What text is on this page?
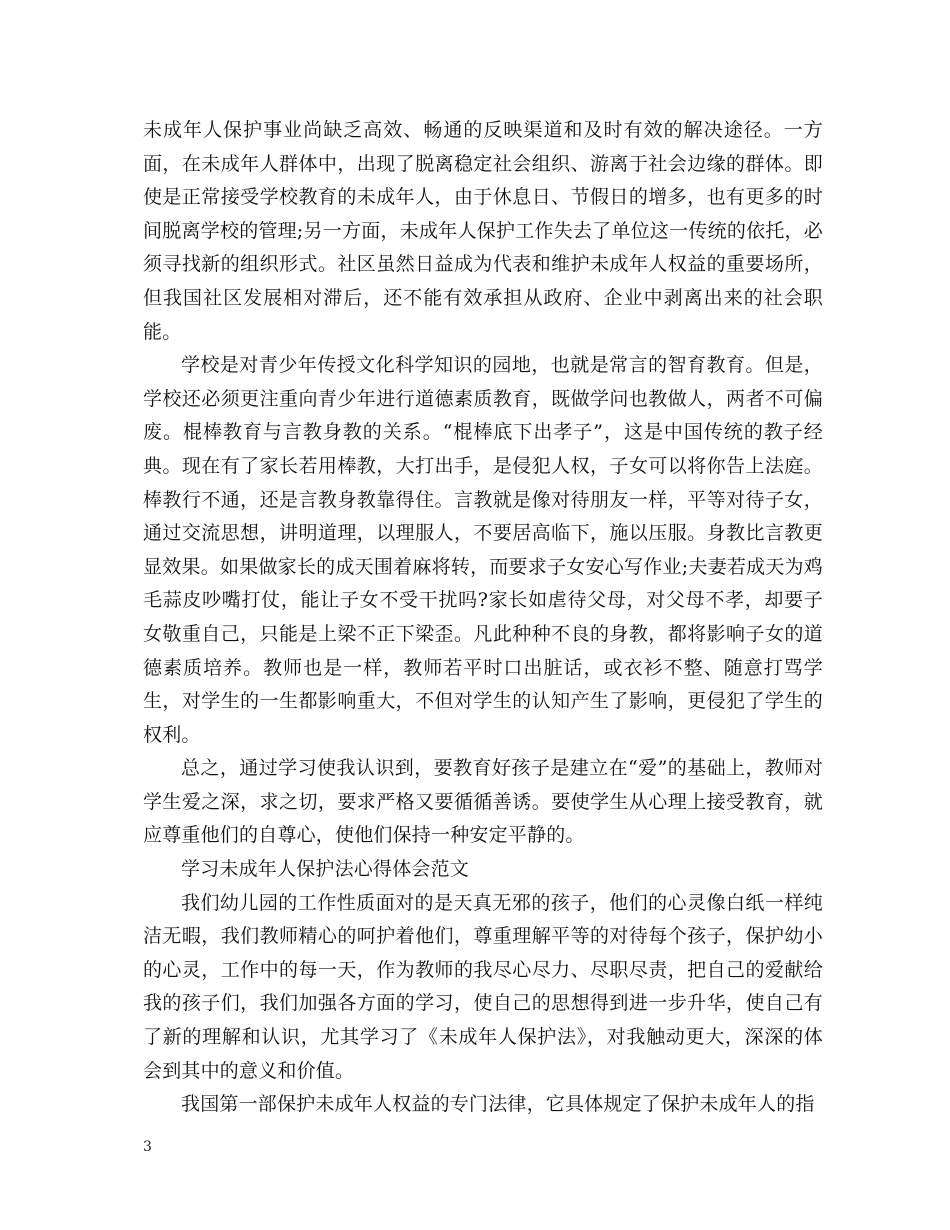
未成年人保护事业尚缺乏高效、畅通的反映渠道和及时有效的解决途径。一方面，在未成年人群体中，出现了脱离稳定社会组织、游离于社会边缘的群体。即使是正常接受学校教育的未成年人，由于休息日、节假日的增多，也有更多的时间脱离学校的管理;另一方面，未成年人保护工作失去了单位这一传统的依托，必须寻找新的组织形式。社区虽然日益成为代表和维护未成年人权益的重要场所，但我国社区发展相对滞后，还不能有效承担从政府、企业中剥离出来的社会职能。

学校是对青少年传授文化科学知识的园地，也就是常言的智育教育。但是，学校还必须更注重向青少年进行道德素质教育，既做学问也教做人，两者不可偏废。棍棒教育与言教身教的关系。“棍棒底下出孝子”，这是中国传统的教子经典。现在有了家长若用棒教，大打出手，是侵犯人权，子女可以将你告上法庭。棒教行不通，还是言教身教靠得住。言教就是像对待朋友一样，平等对待子女，通过交流思想，讲明道理，以理服人，不要居高临下，施以压服。身教比言教更显效果。如果做家长的成天围着麻将转，而要求子女安心写作业;夫妻若成天为鸡毛蒜皮吵嘴打仗，能让子女不受干扰吗?家长如虐待父母，对父母不孝，却要子女敬重自己，只能是上梁不正下梁歪。凡此种种不良的身教，都将影响子女的道德素质培养。教师也是一样，教师若平时口出脏话，或衣衫不整、随意打骂学生，对学生的一生都影响重大，不但对学生的认知产生了影响，更侵犯了学生的权利。

总之，通过学习使我认识到，要教育好孩子是建立在“爱”的基础上，教师对学生爱之深，求之切，要求严格又要循循善诱。要使学生从心理上接受教育，就应尊重他们的自尊心，使他们保持一种安定平静的。

学习未成年人保护法心得体会范文

我们幼儿园的工作性质面对的是天真无邪的孩子，他们的心灵像白纸一样纯洁无暇，我们教师精心的呵护着他们，尊重理解平等的对待每个孩子，保护幼小的心灵，工作中的每一天，作为教师的我尽心尽力、尽职尽责，把自己的爱献给我的孩子们，我们加强各方面的学习，使自己的思想得到进一步升华，使自己有了新的理解和认识，尤其学习了《未成年人保护法》，对我触动更大，深深的体会到其中的意义和价值。

我国第一部保护未成年人权益的专门法律，它具体规定了保护未成年人的指

3
